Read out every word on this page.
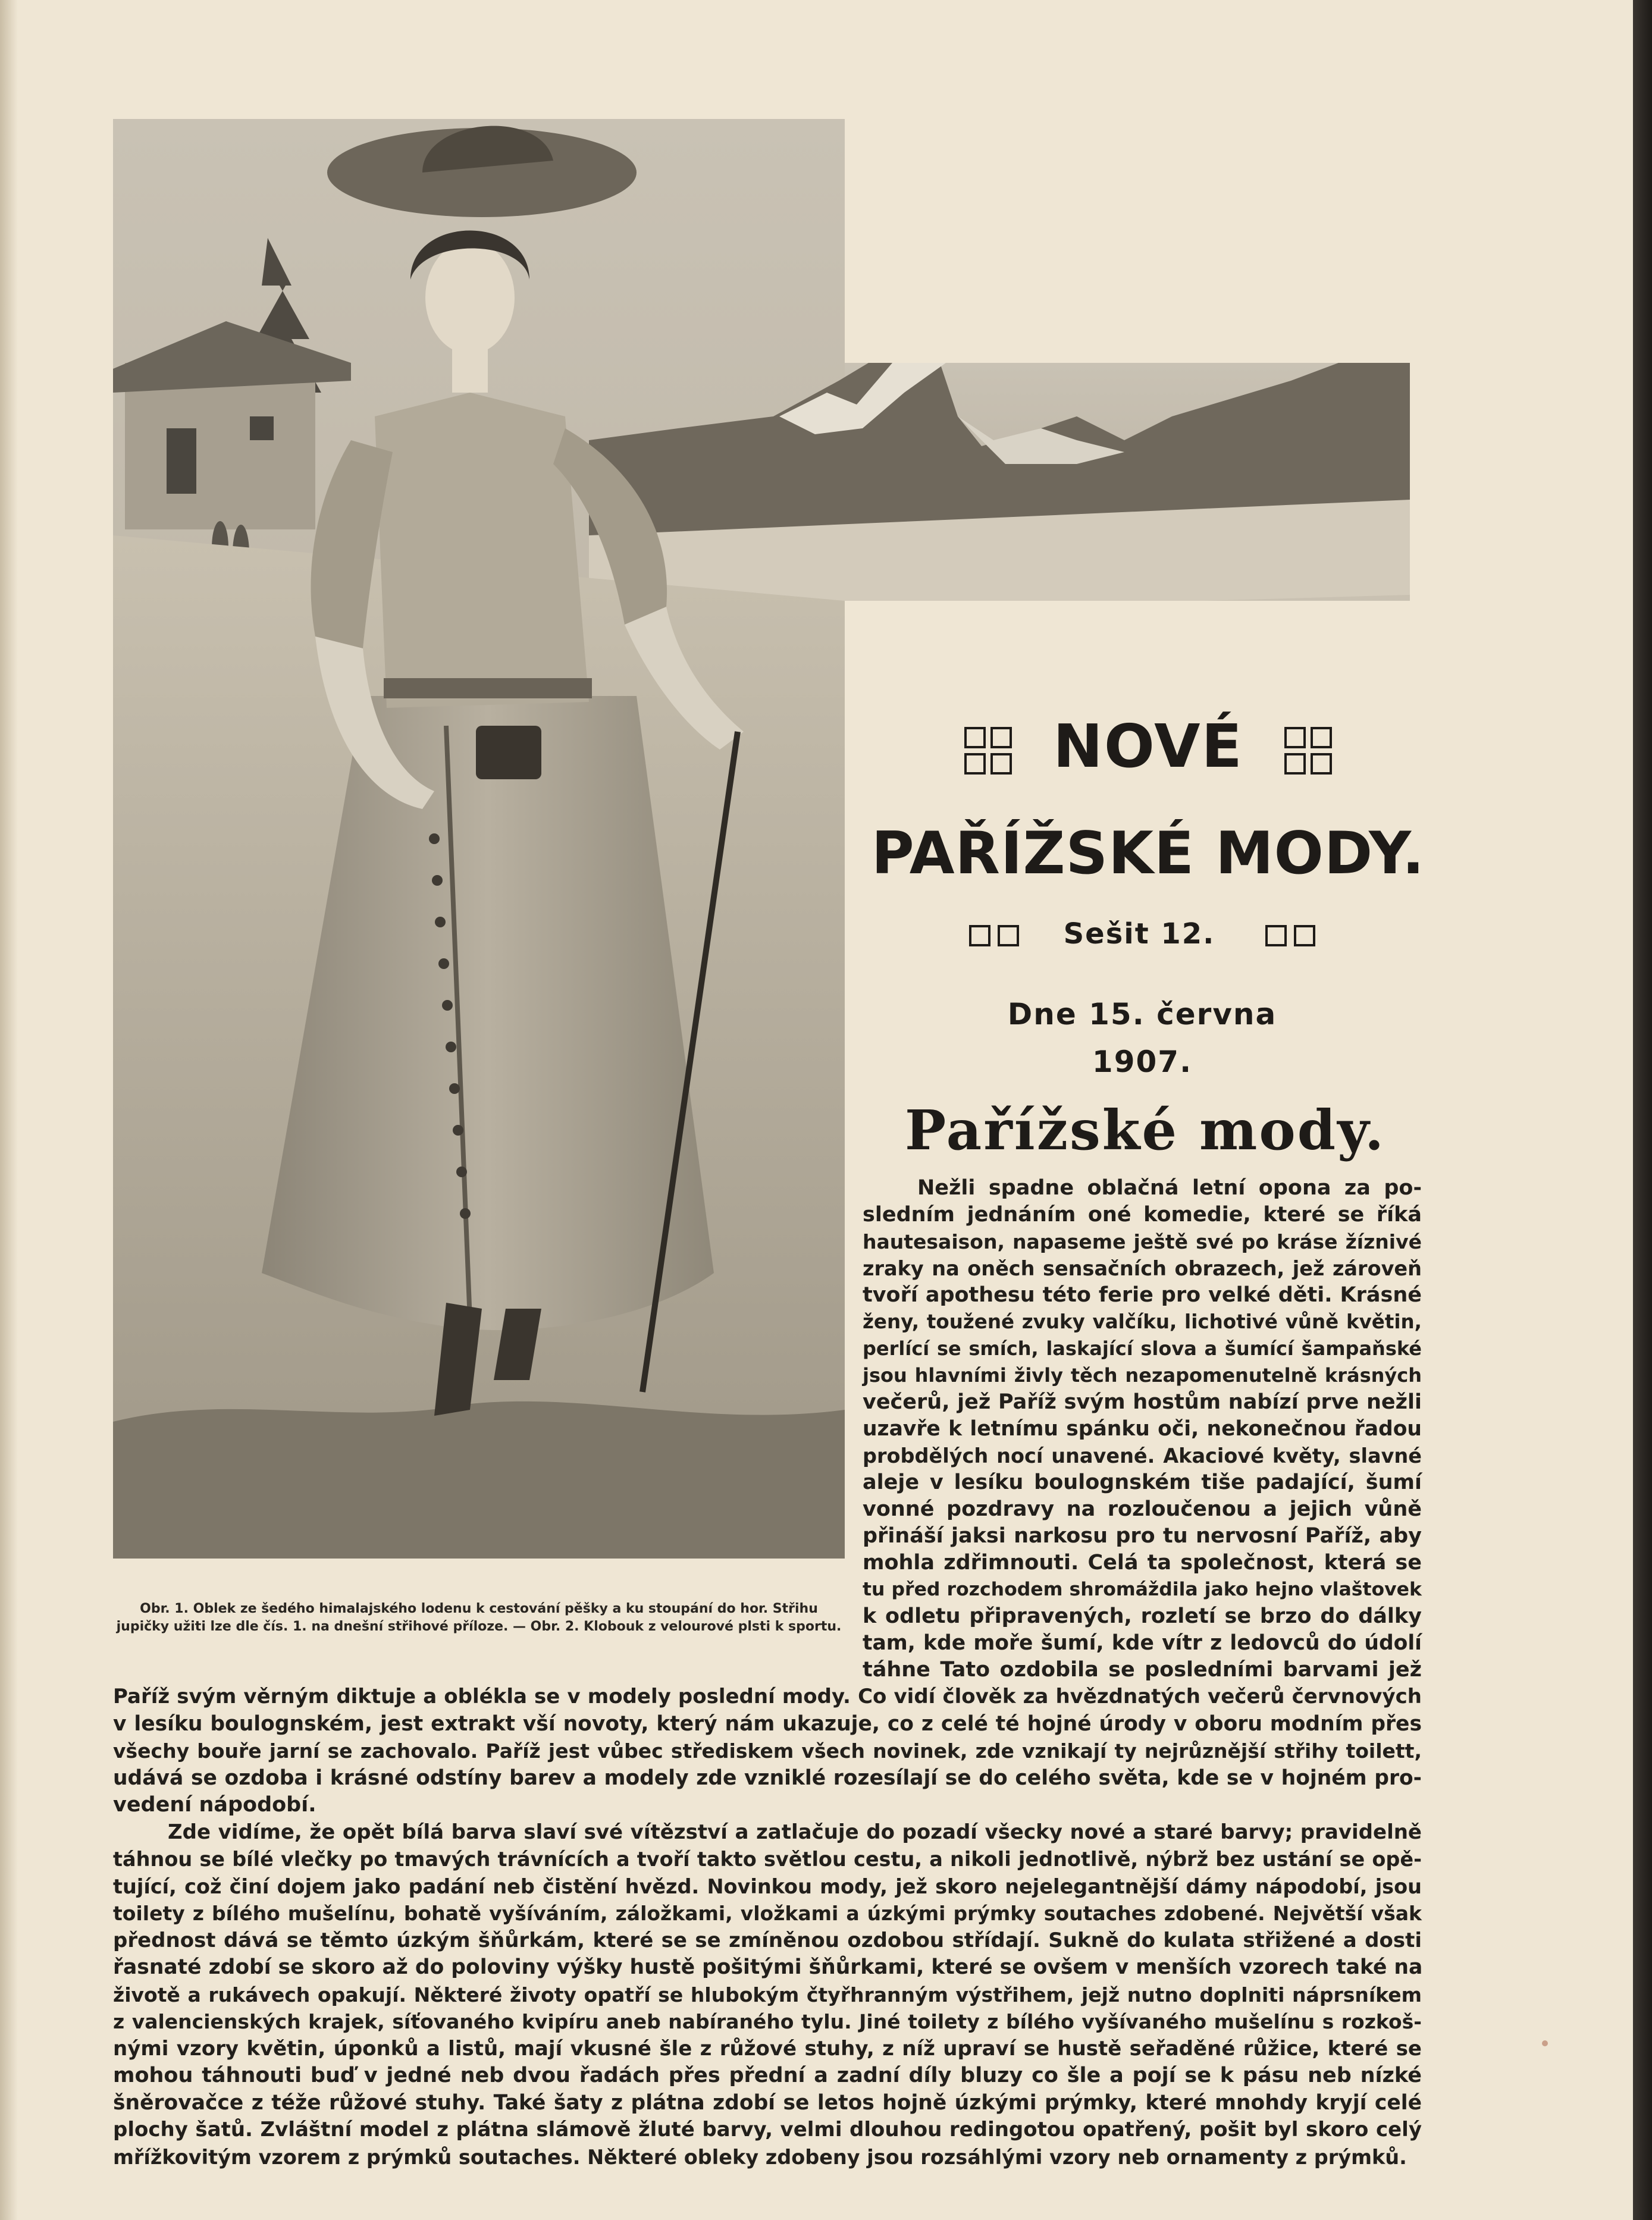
Obr. 1. Oblek ze šedého himalajského lodenu k cestování pěšky a ku stoupání do hor. Střihu jupičky užiti lze dle čís. 1. na dnešní střihové příloze. — Obr. 2. Klobouk z velourové plsti k sportu.

NOVÉ

PAŘÍŽSKÉ MODY.
Sešit 12.
Dne 15. června 1907.
Pařížské mody.
Nežli spadne oblačná letní opona za po-
sledním jednáním oné komedie, které se říká
hautesaison, napaseme ještě své po kráse žíznivé
zraky na oněch sensačních obrazech, jež zároveň
tvoří apothesu této ferie pro velké děti. Krásné
ženy, toužené zvuky valčíku, lichotivé vůně květin,
perlící se smích, laskající slova a šumící šampaňské
jsou hlavními živly těch nezapomenutelně krásných
večerů, jež Paříž svým hostům nabízí prve nežli
uzavře k letnímu spánku oči, nekonečnou řadou
probdělých nocí unavené. Akaciové květy, slavné
aleje v lesíku boulognském tiše padající, šumí
vonné pozdravy na rozloučenou a jejich vůně
přináší jaksi narkosu pro tu nervosní Paříž, aby
mohla zdřimnouti. Celá ta společnost, která se
tu před rozchodem shromáždila jako hejno vlaštovek
k odletu připravených, rozletí se brzo do dálky
tam, kde moře šumí, kde vítr z ledovců do údolí
táhne Tato ozdobila se posledními barvami jež
Paříž svým věrným diktuje a oblékla se v modely poslední mody. Co vidí člověk za hvězdnatých večerů červnových
v lesíku boulognském, jest extrakt vší novoty, který nám ukazuje, co z celé té hojné úrody v oboru modním přes
všechy bouře jarní se zachovalo. Paříž jest vůbec střediskem všech novinek, zde vznikají ty nejrůznější střihy toilett,
udává se ozdoba i krásné odstíny barev a modely zde vzniklé rozesílají se do celého světa, kde se v hojném pro-
vedení nápodobí.
Zde vidíme, že opět bílá barva slaví své vítězství a zatlačuje do pozadí všecky nové a staré barvy; pravidelně
táhnou se bílé vlečky po tmavých trávnících a tvoří takto světlou cestu, a nikoli jednotlivě, nýbrž bez ustání se opě-
tující, což činí dojem jako padání neb čistění hvězd. Novinkou mody, jež skoro nejelegantnější dámy nápodobí, jsou
toilety z bílého mušelínu, bohatě vyšíváním, záložkami, vložkami a úzkými prýmky soutaches zdobené. Největší však
přednost dává se těmto úzkým šňůrkám, které se se zmíněnou ozdobou střídají. Sukně do kulata střižené a dosti
řasnaté zdobí se skoro až do poloviny výšky hustě pošitými šňůrkami, které se ovšem v menších vzorech také na
životě a rukávech opakují. Některé životy opatří se hlubokým čtyřhranným výstřihem, jejž nutno doplniti náprsníkem
z valencienských krajek, síťovaného kvipíru aneb nabíraného tylu. Jiné toilety z bílého vyšívaného mušelínu s rozkoš-
nými vzory květin, úponků a listů, mají vkusné šle z růžové stuhy, z níž upraví se hustě seřaděné růžice, které se
mohou táhnouti buď v jedné neb dvou řadách přes přední a zadní díly bluzy co šle a pojí se k pásu neb nízké
šněrovačce z téže růžové stuhy. Také šaty z plátna zdobí se letos hojně úzkými prýmky, které mnohdy kryjí celé
plochy šatů. Zvláštní model z plátna slámově žluté barvy, velmi dlouhou redingotou opatřený, pošit byl skoro celý
mřížkovitým vzorem z prýmků soutaches. Některé obleky zdobeny jsou rozsáhlými vzory neb ornamenty z prýmků.
